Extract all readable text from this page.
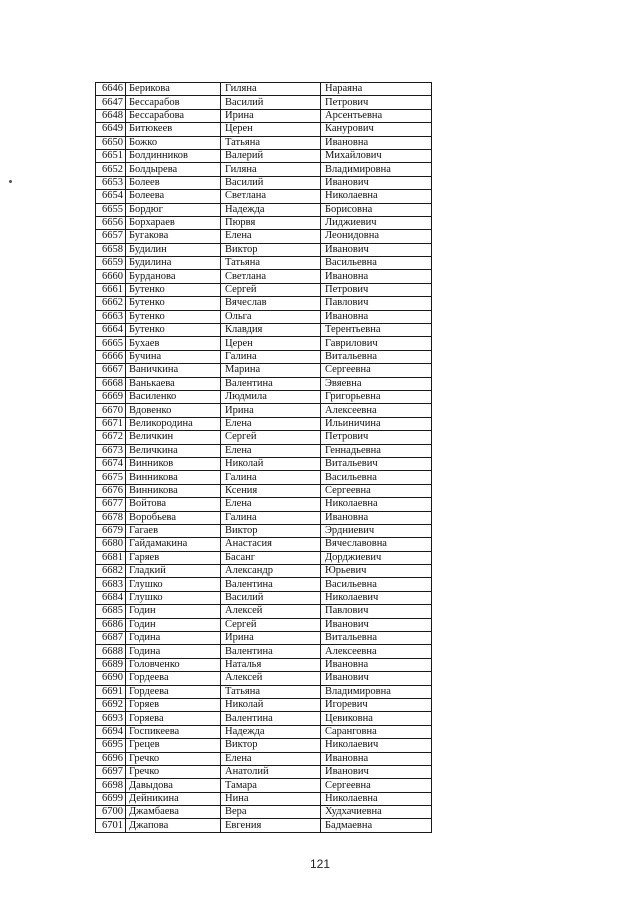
6646	Берикова	Гиляна	Нараяна
6647	Бессарабов	Василий	Петрович
6648	Бессарабова	Ирина	Арсентьевна
6649	Битюкеев	Церен	Канурович
6650	Божко	Татьяна	Ивановна
6651	Болдинников	Валерий	Михайлович
6652	Болдырева	Гиляна	Владимировна
6653	Болеев	Василий	Иванович
6654	Болеева	Светлана	Николаевна
6655	Бордюг	Надежда	Борисовна
6656	Борхараев	Пюрвя	Лиджиевич
6657	Бугакова	Елена	Леонидовна
6658	Будилин	Виктор	Иванович
6659	Будилина	Татьяна	Васильевна
6660	Бурданова	Светлана	Ивановна
6661	Бутенко	Сергей	Петрович
6662	Бутенко	Вячеслав	Павлович
6663	Бутенко	Ольга	Ивановна
6664	Бутенко	Клавдия	Терентьевна
6665	Бухаев	Церен	Гаврилович
6666	Бучина	Галина	Витальевна
6667	Ваничкина	Марина	Сергеевна
6668	Ванькаева	Валентина	Эвяевна
6669	Василенко	Людмила	Григорьевна
6670	Вдовенко	Ирина	Алексеевна
6671	Великородина	Елена	Ильиничина
6672	Величкин	Сергей	Петрович
6673	Величкина	Елена	Геннадьевна
6674	Винников	Николай	Витальевич
6675	Винникова	Галина	Васильевна
6676	Винникова	Ксения	Сергеевна
6677	Войтова	Елена	Николаевна
6678	Воробьева	Галина	Ивановна
6679	Гагаев	Виктор	Эрдниевич
6680	Гайдамакина	Анастасия	Вячеславовна
6681	Гаряев	Басанг	Дорджиевич
6682	Гладкий	Александр	Юрьевич
6683	Глушко	Валентина	Васильевна
6684	Глушко	Василий	Николаевич
6685	Годин	Алексей	Павлович
6686	Годин	Сергей	Иванович
6687	Година	Ирина	Витальевна
6688	Година	Валентина	Алексеевна
6689	Головченко	Наталья	Ивановна
6690	Гордеева	Алексей	Иванович
6691	Гордеева	Татьяна	Владимировна
6692	Горяев	Николай	Игоревич
6693	Горяева	Валентина	Цевиковна
6694	Госпикеева	Надежда	Саранговна
6695	Грецев	Виктор	Николаевич
6696	Гречко	Елена	Ивановна
6697	Гречко	Анатолий	Иванович
6698	Давыдова	Тамара	Сергеевна
6699	Дейникина	Нина	Николаевна
6700	Джамбаева	Вера	Худхачиевна
6701	Джапова	Евгения	Бадмаевна
121
